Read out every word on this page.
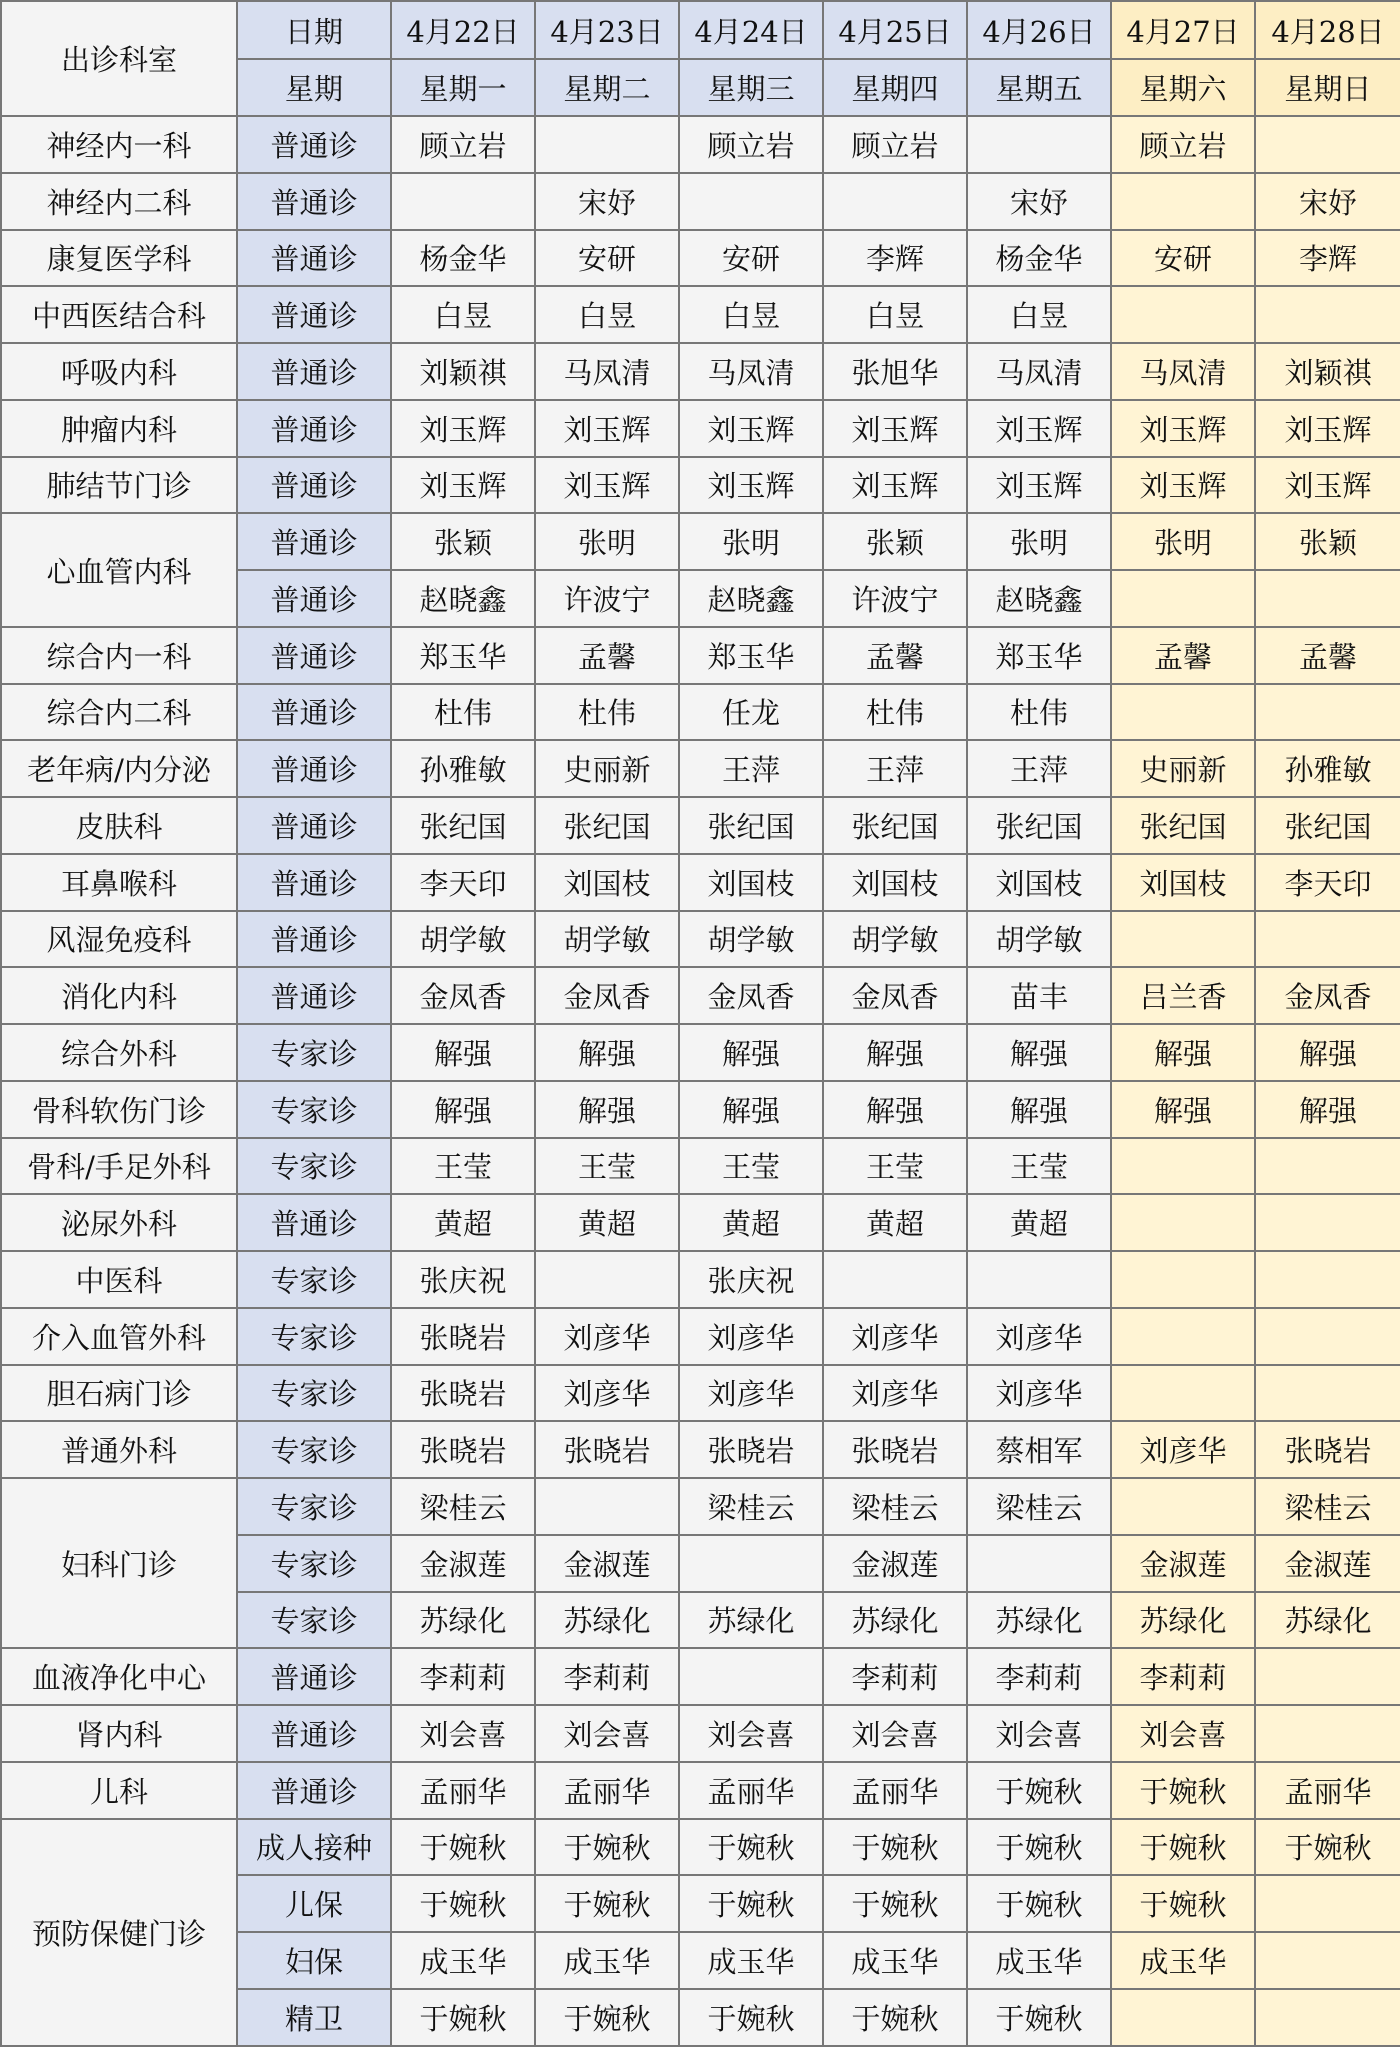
出诊科室	日期	4月22日	4月23日	4月24日	4月25日	4月26日	4月27日	4月28日
	星期	星期一	星期二	星期三	星期四	星期五	星期六	星期日
神经内一科	普通诊	顾立岩		顾立岩	顾立岩		顾立岩	
神经内二科	普通诊		宋妤			宋妤		宋妤
康复医学科	普通诊	杨金华	安研	安研	李辉	杨金华	安研	李辉
中西医结合科	普通诊	白昱	白昱	白昱	白昱	白昱		
呼吸内科	普通诊	刘颖祺	马凤清	马凤清	张旭华	马凤清	马凤清	刘颖祺
肿瘤内科	普通诊	刘玉辉	刘玉辉	刘玉辉	刘玉辉	刘玉辉	刘玉辉	刘玉辉
肺结节门诊	普通诊	刘玉辉	刘玉辉	刘玉辉	刘玉辉	刘玉辉	刘玉辉	刘玉辉
心血管内科	普通诊	张颖	张明	张明	张颖	张明	张明	张颖
	普通诊	赵晓鑫	许波宁	赵晓鑫	许波宁	赵晓鑫		
综合内一科	普通诊	郑玉华	孟馨	郑玉华	孟馨	郑玉华	孟馨	孟馨
综合内二科	普通诊	杜伟	杜伟	任龙	杜伟	杜伟		
老年病/内分泌	普通诊	孙雅敏	史丽新	王萍	王萍	王萍	史丽新	孙雅敏
皮肤科	普通诊	张纪国	张纪国	张纪国	张纪国	张纪国	张纪国	张纪国
耳鼻喉科	普通诊	李天印	刘国枝	刘国枝	刘国枝	刘国枝	刘国枝	李天印
风湿免疫科	普通诊	胡学敏	胡学敏	胡学敏	胡学敏	胡学敏		
消化内科	普通诊	金凤香	金凤香	金凤香	金凤香	苗丰	吕兰香	金凤香
综合外科	专家诊	解强	解强	解强	解强	解强	解强	解强
骨科软伤门诊	专家诊	解强	解强	解强	解强	解强	解强	解强
骨科/手足外科	专家诊	王莹	王莹	王莹	王莹	王莹		
泌尿外科	普通诊	黄超	黄超	黄超	黄超	黄超		
中医科	专家诊	张庆祝		张庆祝				
介入血管外科	专家诊	张晓岩	刘彦华	刘彦华	刘彦华	刘彦华		
胆石病门诊	专家诊	张晓岩	刘彦华	刘彦华	刘彦华	刘彦华		
普通外科	专家诊	张晓岩	张晓岩	张晓岩	张晓岩	蔡相军	刘彦华	张晓岩
妇科门诊	专家诊	梁桂云		梁桂云	梁桂云	梁桂云		梁桂云
	专家诊	金淑莲	金淑莲		金淑莲		金淑莲	金淑莲
	专家诊	苏绿化	苏绿化	苏绿化	苏绿化	苏绿化	苏绿化	苏绿化
血液净化中心	普通诊	李莉莉	李莉莉		李莉莉	李莉莉	李莉莉	
肾内科	普通诊	刘会喜	刘会喜	刘会喜	刘会喜	刘会喜	刘会喜	
儿科	普通诊	孟丽华	孟丽华	孟丽华	孟丽华	于婉秋	于婉秋	孟丽华
预防保健门诊	成人接种	于婉秋	于婉秋	于婉秋	于婉秋	于婉秋	于婉秋	于婉秋
	儿保	于婉秋	于婉秋	于婉秋	于婉秋	于婉秋	于婉秋	
	妇保	成玉华	成玉华	成玉华	成玉华	成玉华	成玉华	
	精卫	于婉秋	于婉秋	于婉秋	于婉秋	于婉秋		
